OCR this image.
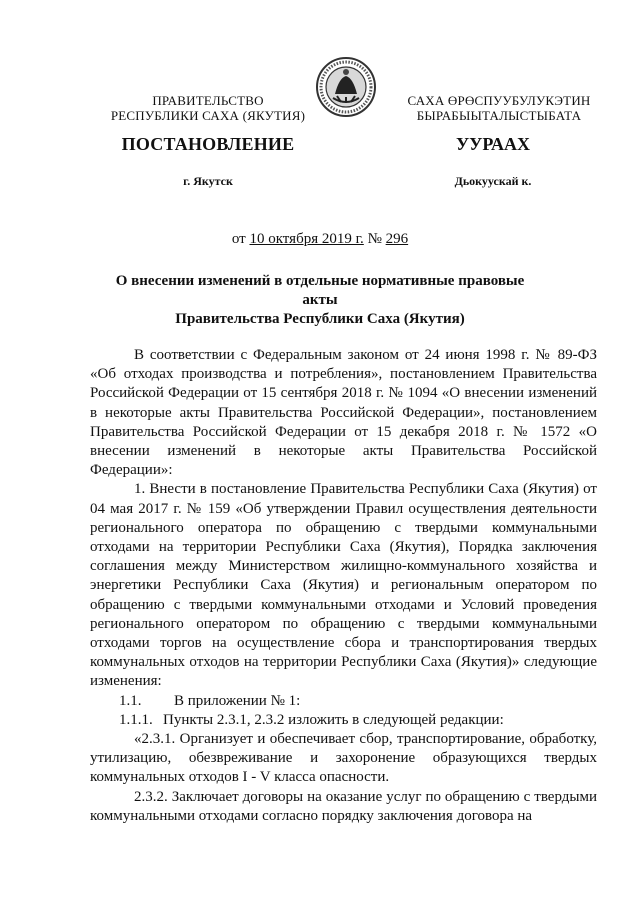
ПРАВИТЕЛЬСТВО
РЕСПУБЛИКИ САХА (ЯКУТИЯ)
САХА ӨРӨСПУУБУЛУКЭТИН
БЫРАБЫЫТАЛЫСТЫБАТА
ПОСТАНОВЛЕНИЕ	УУРААХ
г. Якутск	Дьокуускай к.
от 10 октября 2019 г. № 296
О внесении изменений в отдельные нормативные правовые акты
Правительства Республики Саха (Якутия)

В соответствии с Федеральным законом от 24 июня 1998 г. № 89-ФЗ «Об отходах производства и потребления», постановлением Правительства Российской Федерации от 15 сентября 2018 г. № 1094 «О внесении изменений в некоторые акты Правительства Российской Федерации», постановлением Правительства Российской Федерации от 15 декабря 2018 г. № 1572 «О внесении изменений в некоторые акты Правительства Российской Федерации»:

1. Внести в постановление Правительства Республики Саха (Якутия) от 04 мая 2017 г. № 159 «Об утверждении Правил осуществления деятельности регионального оператора по обращению с твердыми коммунальными отходами на территории Республики Саха (Якутия), Порядка заключения соглашения между Министерством жилищно-коммунального хозяйства и энергетики Республики Саха (Якутия) и региональным оператором по обращению с твердыми коммунальными отходами и Условий проведения регионального оператором по обращению с твердыми коммунальными отходами торгов на осуществление сбора и транспортирования твердых коммунальных отходов на территории Республики Саха (Якутия)» следующие изменения:

1.1. В приложении № 1:

1.1.1. Пункты 2.3.1, 2.3.2 изложить в следующей редакции:

«2.3.1. Организует и обеспечивает сбор, транспортирование, обработку, утилизацию, обезвреживание и захоронение образующихся твердых коммунальных отходов I - V класса опасности.

2.3.2. Заключает договоры на оказание услуг по обращению с твердыми коммунальными отходами согласно порядку заключения договора на
